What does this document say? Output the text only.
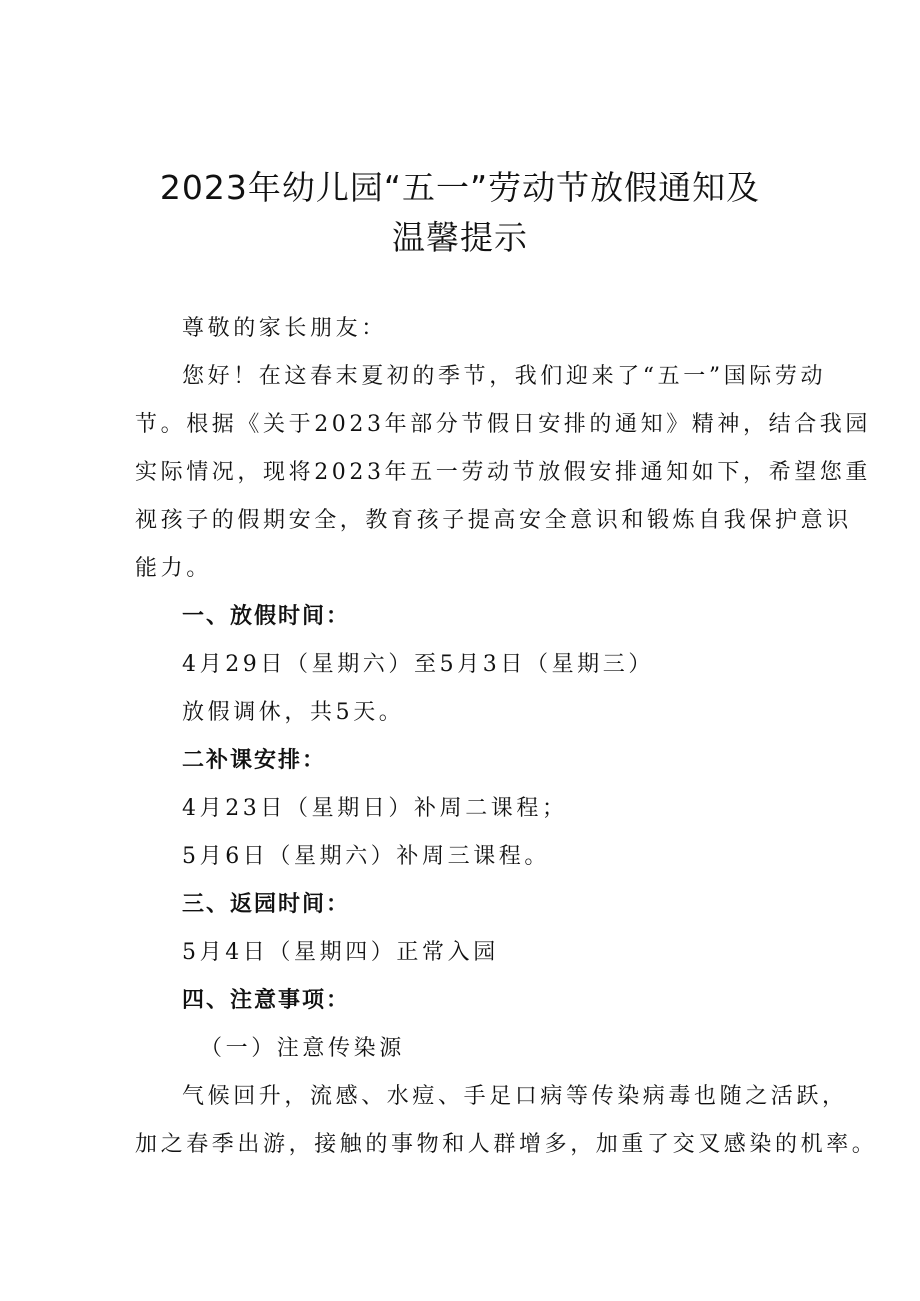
2023年幼儿园“五一”劳动节放假通知及
温馨提示
尊敬的家长朋友：
您好！在这春末夏初的季节，我们迎来了“五一”国际劳动
节。根据《关于2023年部分节假日安排的通知》精神，结合我园
实际情况，现将2023年五一劳动节放假安排通知如下，希望您重
视孩子的假期安全，教育孩子提高安全意识和锻炼自我保护意识
能力。
一、放假时间：
4月29日（星期六）至5月3日（星期三）
放假调休，共5天。
二补课安排：
4月23日（星期日）补周二课程；
5月6日（星期六）补周三课程。
三、返园时间：
5月4日（星期四）正常入园
四、注意事项：
（一）注意传染源
气候回升，流感、水痘、手足口病等传染病毒也随之活跃，
加之春季出游，接触的事物和人群增多，加重了交叉感染的机率。
